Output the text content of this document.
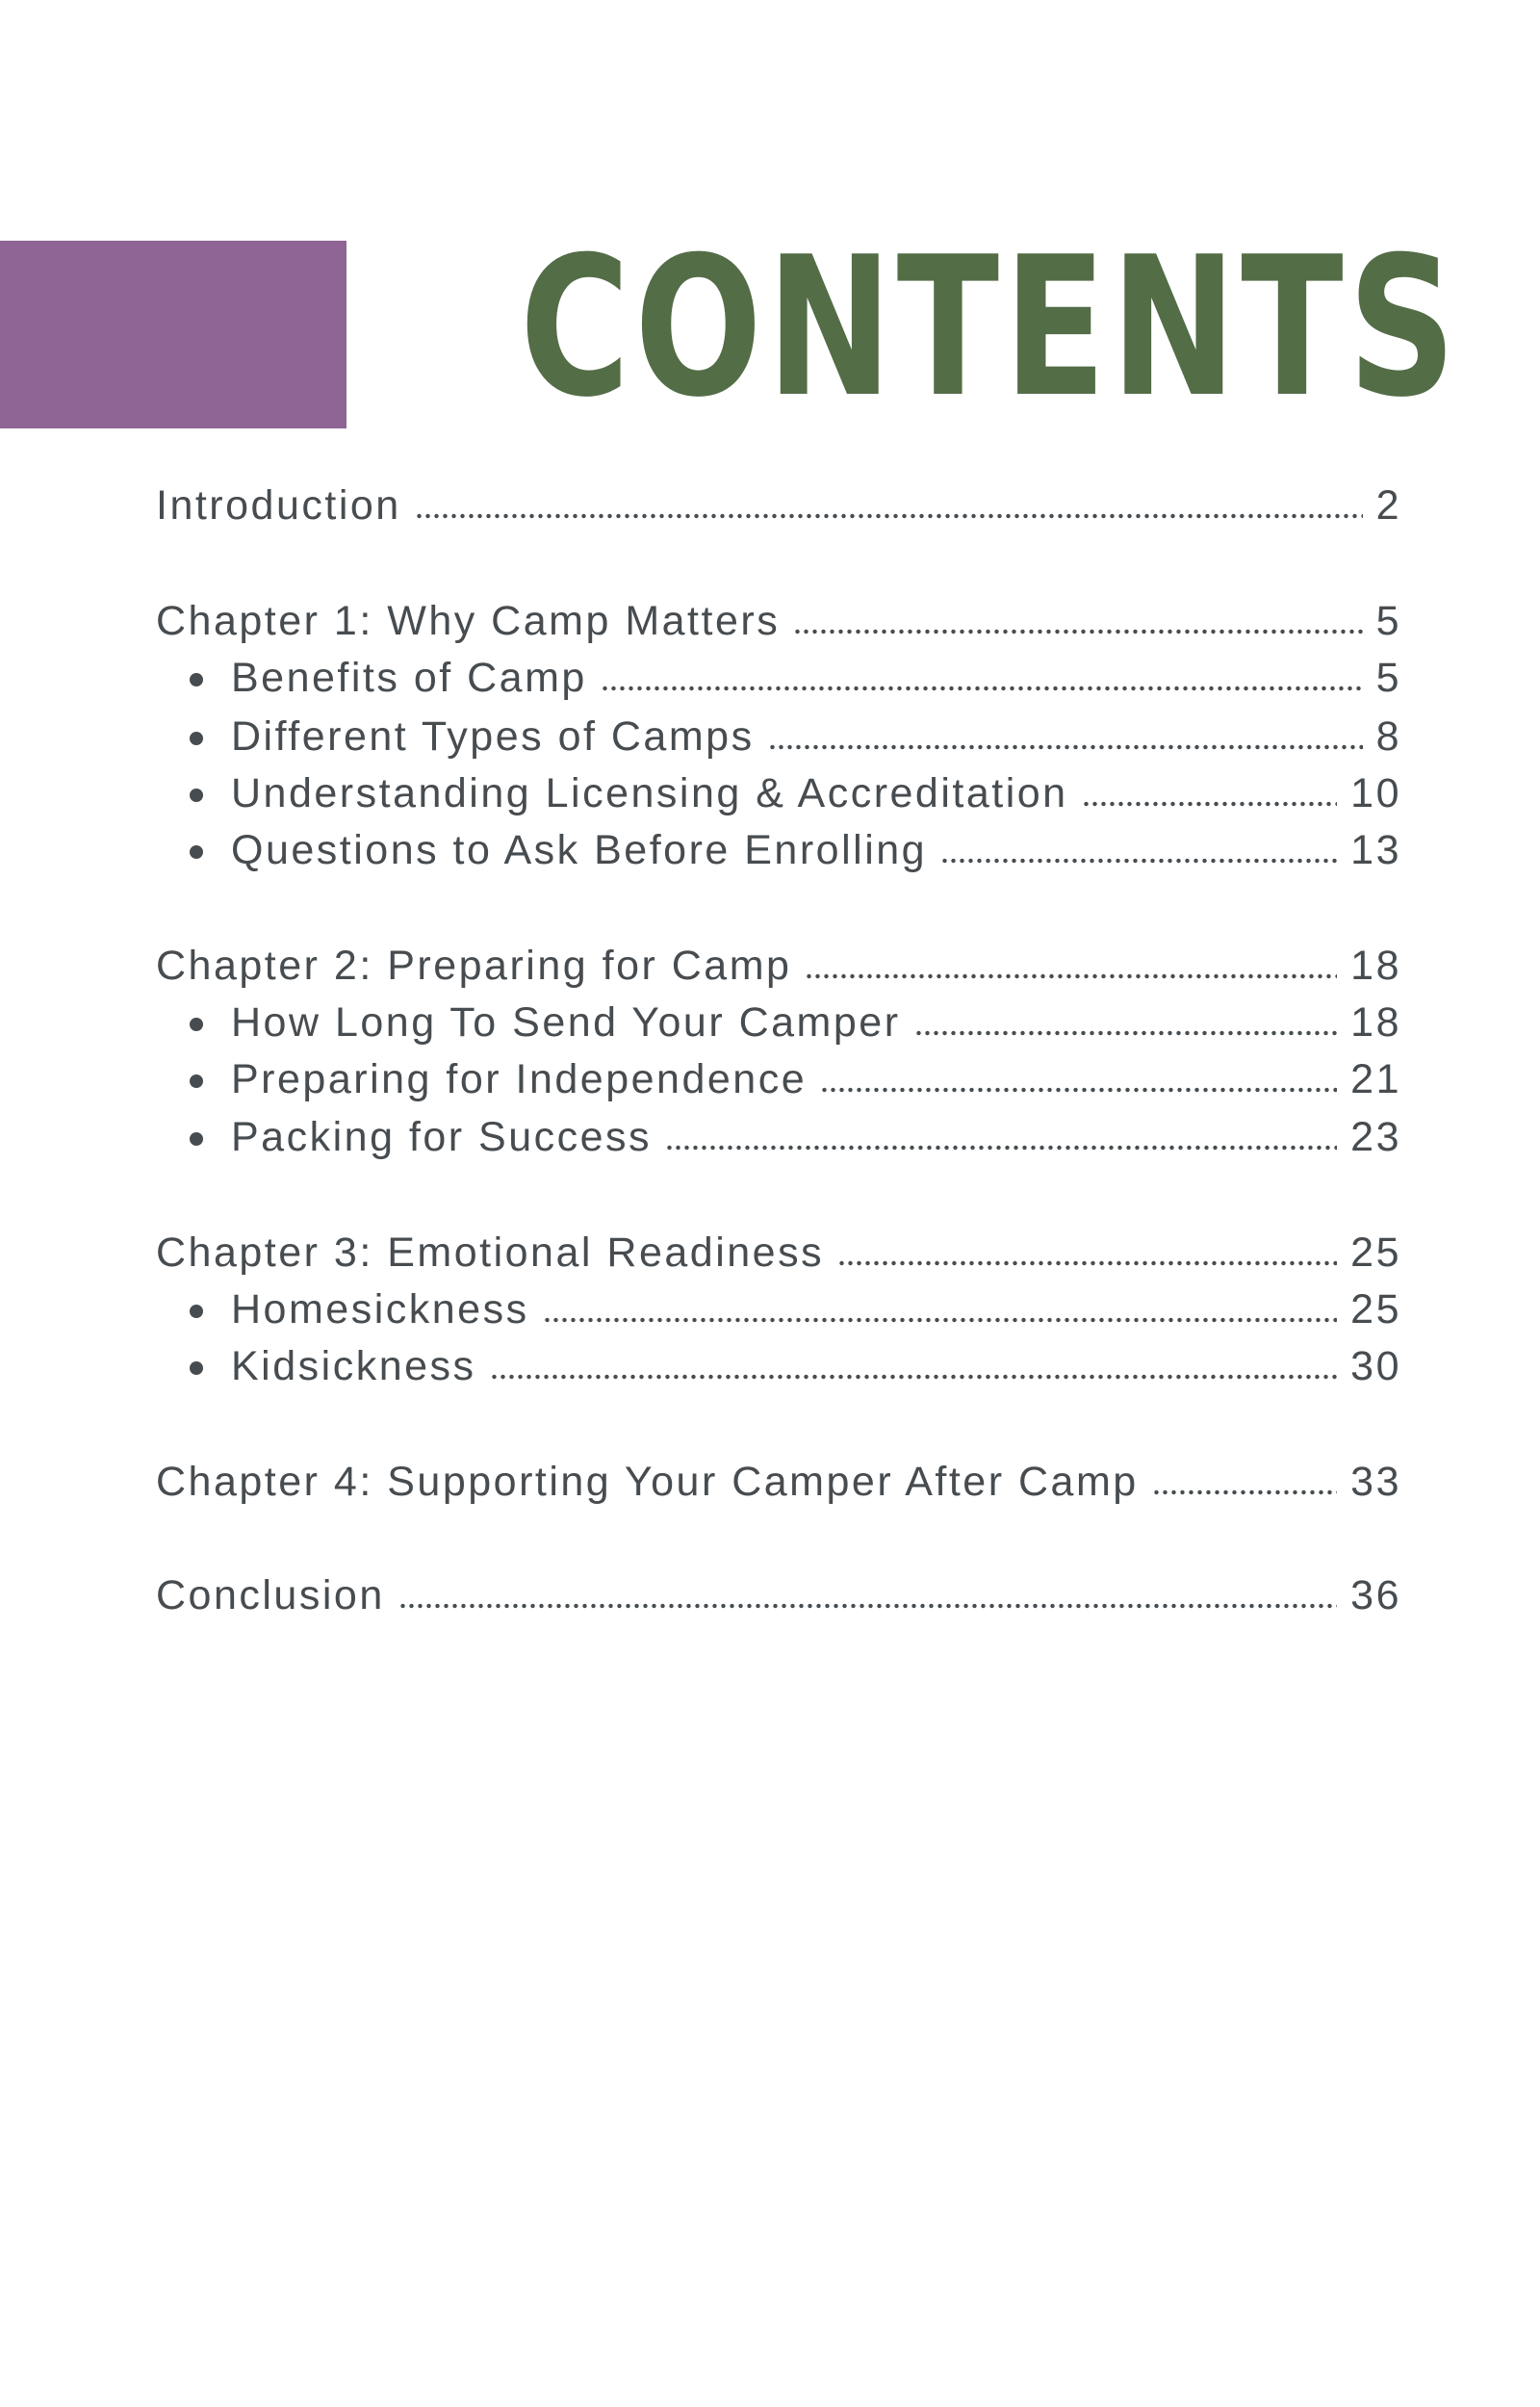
CONTENTS
Introduction	2
Chapter 1: Why Camp Matters	5
Benefits of Camp	5
Different Types of Camps	8
Understanding Licensing & Accreditation	10
Questions to Ask Before Enrolling	13
Chapter 2: Preparing for Camp	18
How Long To Send Your Camper	18
Preparing for Independence	21
Packing for Success	23
Chapter 3: Emotional Readiness	25
Homesickness	25
Kidsickness	30
Chapter 4: Supporting Your Camper After Camp	33
Conclusion	36
